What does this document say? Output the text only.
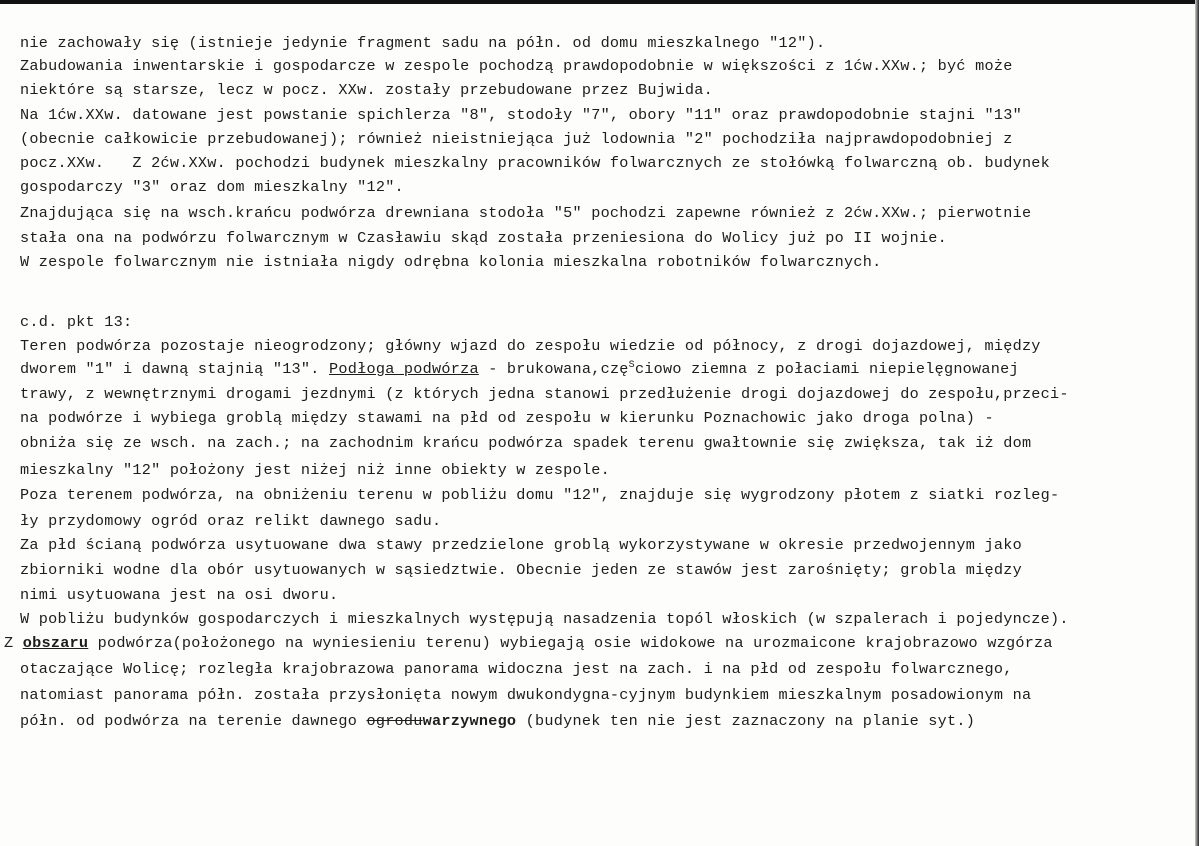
nie zachowały się (istnieje jedynie fragment sadu na półn. od domu mieszkalnego "12").
Zabudowania inwentarskie i gospodarcze w zespole pochodzą prawdopodobnie w większości z 1ćw.XXw.; być może
niektóre są starsze, lecz w pocz. XXw. zostały przebudowane przez Bujwida.
Na 1ćw.XXw. datowane jest powstanie spichlerza "8", stodoły "7", obory "11" oraz prawdopodobnie stajni "13"
(obecnie całkowicie przebudowanej); również nieistniejąca już lodownia "2" pochodziła najprawdopodobniej z
pocz.XXw.   Z 2ćw.XXw. pochodzi budynek mieszkalny pracowników folwarcznych ze stołówką folwarczną ob. budynek
gospodarczy "3" oraz dom mieszkalny "12".
Znajdująca się na wsch.krańcu podwórza drewniana stodoła "5" pochodzi zapewne również z 2ćw.XXw.; pierwotnie
stała ona na podwórzu folwarcznym w Czasławiu skąd została przeniesiona do Wolicy już po II wojnie.
W zespole folwarcznym nie istniała nigdy odrębna kolonia mieszkalna robotników folwarcznych.
c.d. pkt 13:
Teren podwórza pozostaje nieogrodzony; główny wjazd do zespołu wiedzie od północy, z drogi dojazdowej, między
dworem "1" i dawną stajnią "13". Podłoga podwórza - brukowana,czę$^S$ciowo ziemna z połaciami niepielęgnowanej
trawy, z wewnętrznymi drogami jezdnymi (z których jedna stanowi przedłużenie drogi dojazdowej do zespołu,przeci-
na podwórze i wybiega groblą między stawami na płd od zespołu w kierunku Poznachowic jako droga polna) -
obniża się ze wsch. na zach.; na zachodnim krańcu podwórza spadek terenu gwałtownie się zwiększa, tak iż dom
mieszkalny "12" położony jest niżej niż inne obiekty w zespole.
Poza terenem podwórza, na obniżeniu terenu w pobliżu domu "12", znajduje się wygrodzony płotem z siatki rozleg-
ły przydomowy ogród oraz relikt dawnego sadu.
Za płd ścianą podwórza usytuowane dwa stawy przedzielone groblą wykorzystywane w okresie przedwojennym jako
zbiorniki wodne dla obór usytuowanych w sąsiedztwie. Obecnie jeden ze stawów jest zarośnięty; grobla między
nimi usytuowana jest na osi dworu.
W pobliżu budynków gospodarczych i mieszkalnych występują nasadzenia topól włoskich (w szpalerach i pojedyncze).
Z obszaru podwórza(położonego na wyniesieniu terenu) wybiegają osie widokowe na urozmaicone krajobrazowo wzgórza
otaczające Wolicę; rozległa krajobrazowa panorama widoczna jest na zach. i na płd od zespołu folwarcznego,
natomiast panorama półn. została przysłonięta nowym dwukondygna-cyjnym budynkiem mieszkalnym posadowionym na
półn. od podwórza na terenie dawnego ogroduwarzywnego (budynek ten nie jest zaznaczony na planie syt.)
